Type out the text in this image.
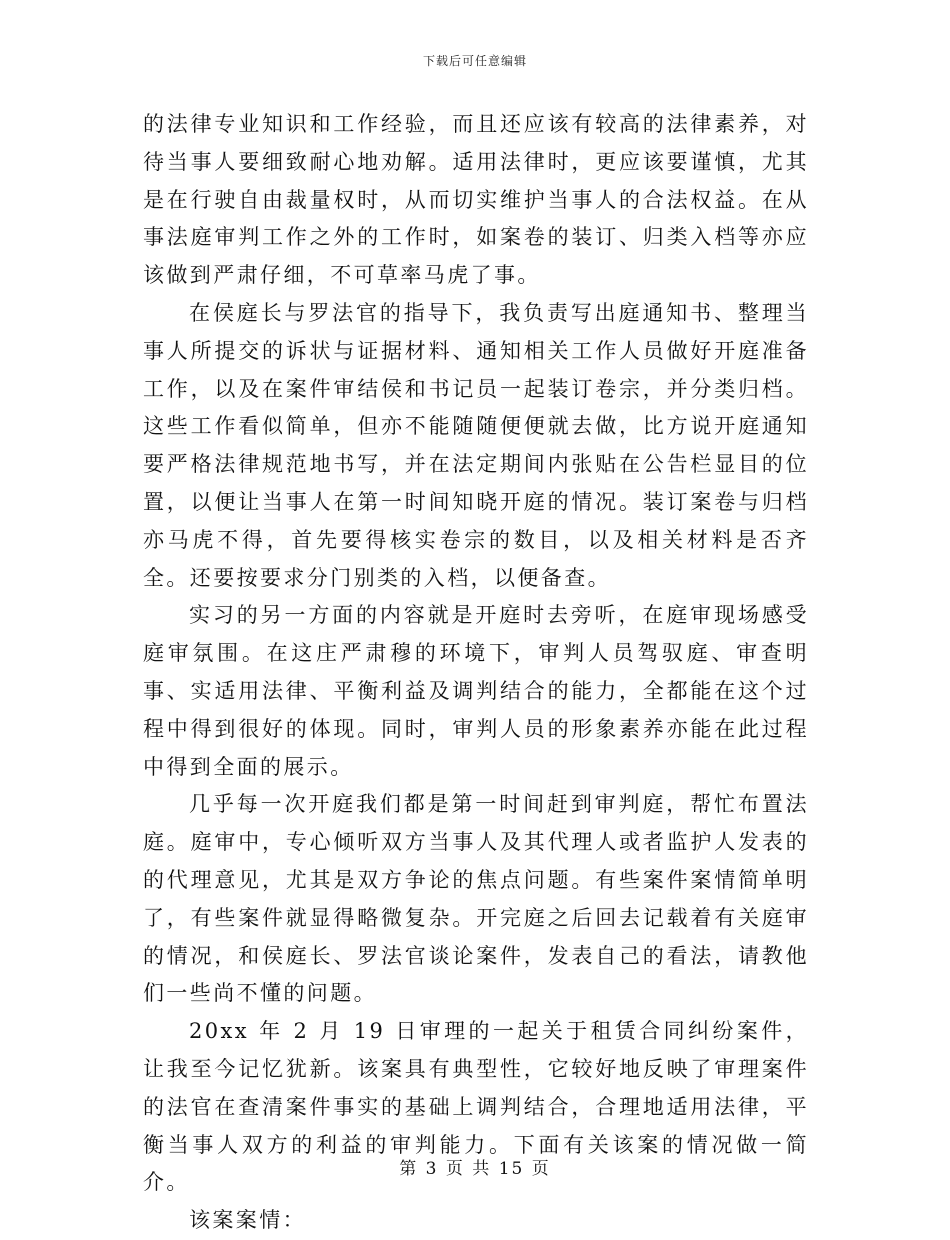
下载后可任意编辑

的法律专业知识和工作经验，而且还应该有较高的法律素养，对待当事人要细致耐心地劝解。适用法律时，更应该要谨慎，尤其是在行驶自由裁量权时，从而切实维护当事人的合法权益。在从事法庭审判工作之外的工作时，如案卷的装订、归类入档等亦应该做到严肃仔细，不可草率马虎了事。

在侯庭长与罗法官的指导下，我负责写出庭通知书、整理当事人所提交的诉状与证据材料、通知相关工作人员做好开庭准备工作，以及在案件审结侯和书记员一起装订卷宗，并分类归档。这些工作看似简单，但亦不能随随便便就去做，比方说开庭通知要严格法律规范地书写，并在法定期间内张贴在公告栏显目的位置，以便让当事人在第一时间知晓开庭的情况。装订案卷与归档亦马虎不得，首先要得核实卷宗的数目，以及相关材料是否齐全。还要按要求分门别类的入档，以便备查。

实习的另一方面的内容就是开庭时去旁听，在庭审现场感受庭审氛围。在这庄严肃穆的环境下，审判人员驾驭庭、审查明事、实适用法律、平衡利益及调判结合的能力，全都能在这个过程中得到很好的体现。同时，审判人员的形象素养亦能在此过程中得到全面的展示。

几乎每一次开庭我们都是第一时间赶到审判庭，帮忙布置法庭。庭审中，专心倾听双方当事人及其代理人或者监护人发表的的代理意见，尤其是双方争论的焦点问题。有些案件案情简单明了，有些案件就显得略微复杂。开完庭之后回去记载着有关庭审的情况，和侯庭长、罗法官谈论案件，发表自己的看法，请教他们一些尚不懂的问题。

20xx 年 2 月 19 日审理的一起关于租赁合同纠纷案件，让我至今记忆犹新。该案具有典型性，它较好地反映了审理案件的法官在查清案件事实的基础上调判结合，合理地适用法律，平衡当事人双方的利益的审判能力。下面有关该案的情况做一简介。

该案案情：

第 3 页 共 15 页
